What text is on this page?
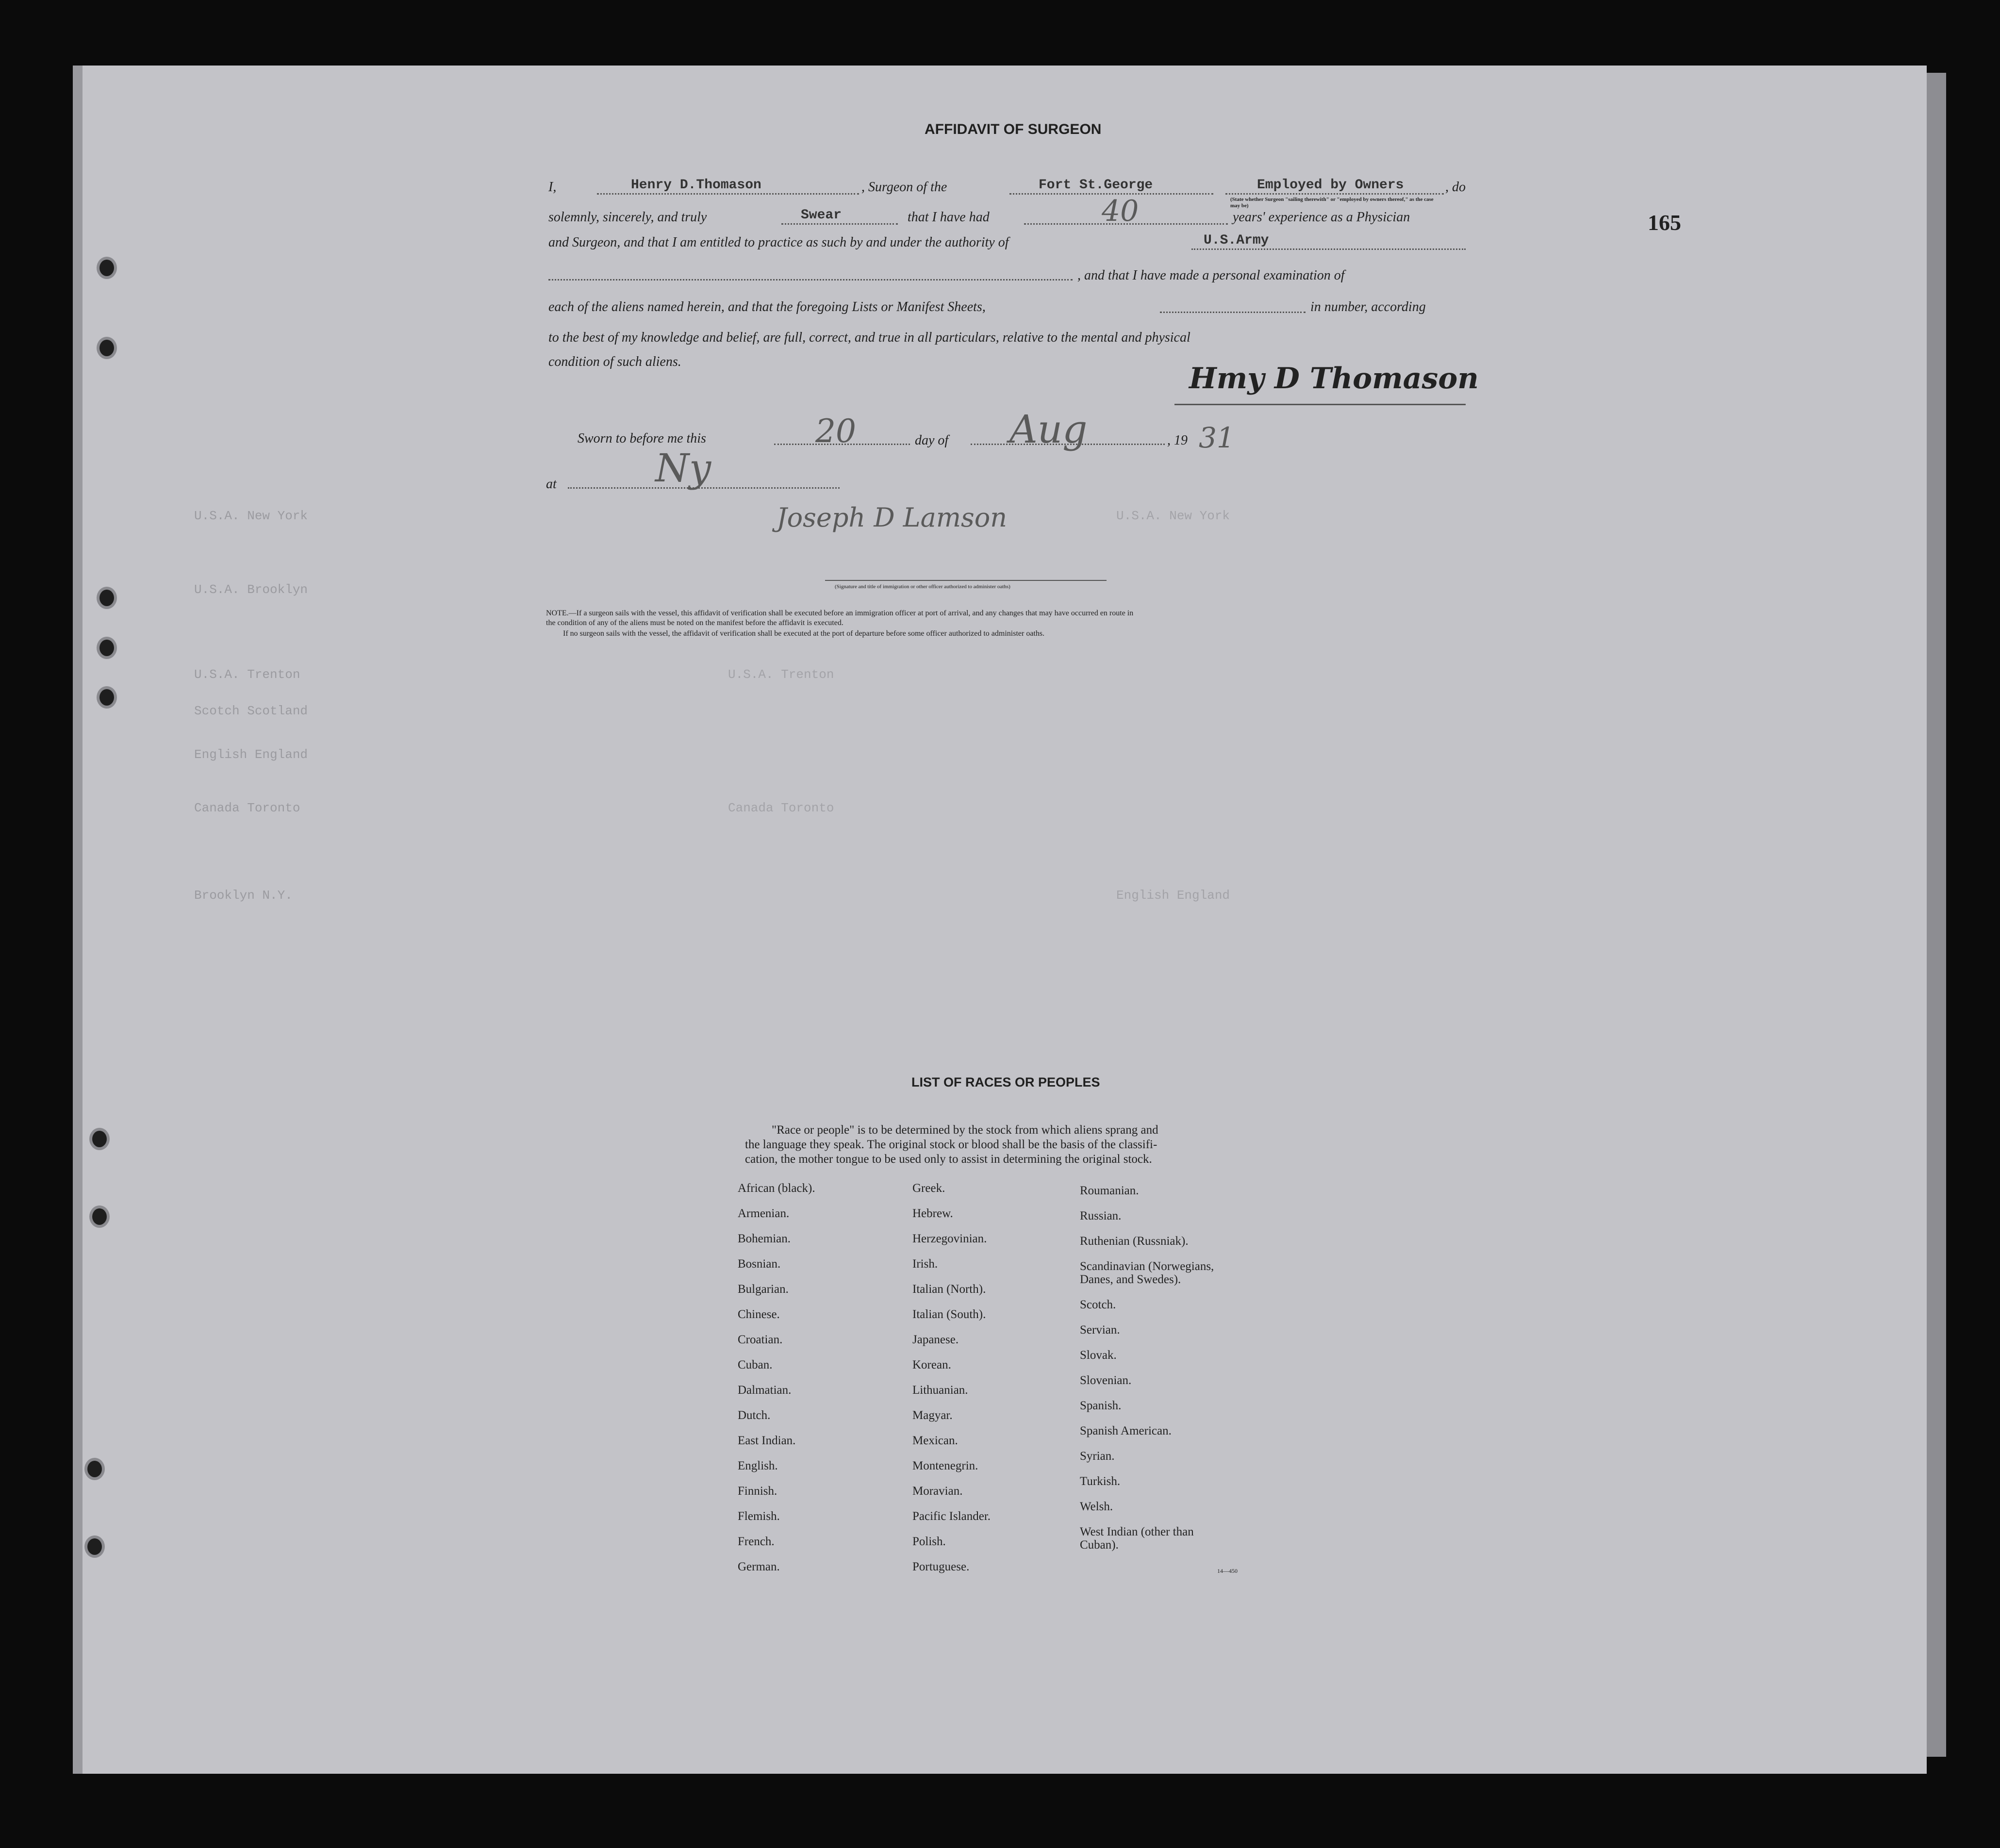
165
AFFIDAVIT OF SURGEON
I,	Henry D.Thomason	, Surgeon of the	Fort St.George	Employed by Owners	, do
(State whether Surgeon "sailing therewith" or "employed by owners thereof," as the case may be)
solemnly, sincerely, and truly	Swear	that I have had	40	years' experience as a Physician
and Surgeon, and that I am entitled to practice as such by and under the authority of	U.S.Army
, and that I have made a personal examination of
each of the aliens named herein, and that the foregoing Lists or Manifest Sheets,	in number, according
to the best of my knowledge and belief, are full, correct, and true in all particulars, relative to the mental and physical
condition of such aliens.	Hmy D Thomason
Sworn to before me this	20	day of Aug	, 19 31
at	Ny
Joseph D Lamson
(Signature and title of immigration or other officer authorized to administer oaths)
NOTE.—If a surgeon sails with the vessel, this affidavit of verification shall be executed before an immigration officer at port of arrival, and any changes that may have occurred en route in
the condition of any of the aliens must be noted on the manifest before the affidavit is executed.
If no surgeon sails with the vessel, the affidavit of verification shall be executed at the port of departure before some officer authorized to administer oaths.
U.S.A. New York
U.S.A. Brooklyn
U.S.A. Trenton
Scotch Scotland
English England
Canada Toronto
Brooklyn N.Y.
U.S.A. New York
U.S.A. Trenton
Canada Toronto
English England
LIST OF RACES OR PEOPLES
"Race or people" is to be determined by the stock from which aliens sprang and
the language they speak. The original stock or blood shall be the basis of the classifi-
cation, the mother tongue to be used only to assist in determining the original stock.
African (black).
Armenian.
Bohemian.
Bosnian.
Bulgarian.
Chinese.
Croatian.
Cuban.
Dalmatian.
Dutch.
East Indian.
English.
Finnish.
Flemish.
French.
German.
Greek.
Hebrew.
Herzegovinian.
Irish.
Italian (North).
Italian (South).
Japanese.
Korean.
Lithuanian.
Magyar.
Mexican.
Montenegrin.
Moravian.
Pacific Islander.
Polish.
Portuguese.
Roumanian.
Russian.
Ruthenian (Russniak).
Scandinavian (Norwegians,
Danes, and Swedes).
Scotch.
Servian.
Slovak.
Slovenian.
Spanish.
Spanish American.
Syrian.
Turkish.
Welsh.
West Indian (other than
Cuban).
14—450
